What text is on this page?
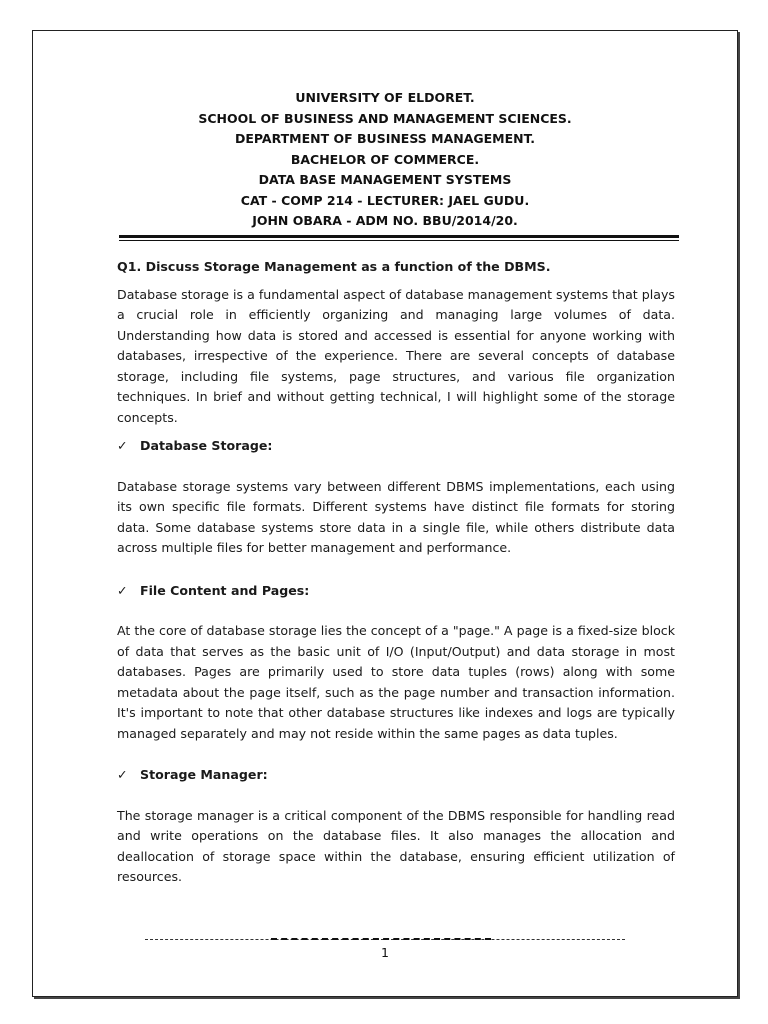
UNIVERSITY OF ELDORET.
SCHOOL OF BUSINESS AND MANAGEMENT SCIENCES.
DEPARTMENT OF BUSINESS MANAGEMENT.
BACHELOR OF COMMERCE.
DATA BASE MANAGEMENT SYSTEMS
CAT - COMP 214 - LECTURER: JAEL GUDU.
JOHN OBARA - ADM NO. BBU/2014/20.
Q1. Discuss Storage Management as a function of the DBMS.

Database storage is a fundamental aspect of database management systems that plays a crucial role in efficiently organizing and managing large volumes of data. Understanding how data is stored and accessed is essential for anyone working with databases, irrespective of the experience. There are several concepts of database storage, including file systems, page structures, and various file organization techniques. In brief and without getting technical, I will highlight some of the storage concepts.

✓ Database Storage:

Database storage systems vary between different DBMS implementations, each using its own specific file formats. Different systems have distinct file formats for storing data. Some database systems store data in a single file, while others distribute data across multiple files for better management and performance.

✓ File Content and Pages:

At the core of database storage lies the concept of a "page." A page is a fixed-size block of data that serves as the basic unit of I/O (Input/Output) and data storage in most databases. Pages are primarily used to store data tuples (rows) along with some metadata about the page itself, such as the page number and transaction information. It's important to note that other database structures like indexes and logs are typically managed separately and may not reside within the same pages as data tuples.

✓ Storage Manager:

The storage manager is a critical component of the DBMS responsible for handling read and write operations on the database files. It also manages the allocation and deallocation of storage space within the database, ensuring efficient utilization of resources.

1
